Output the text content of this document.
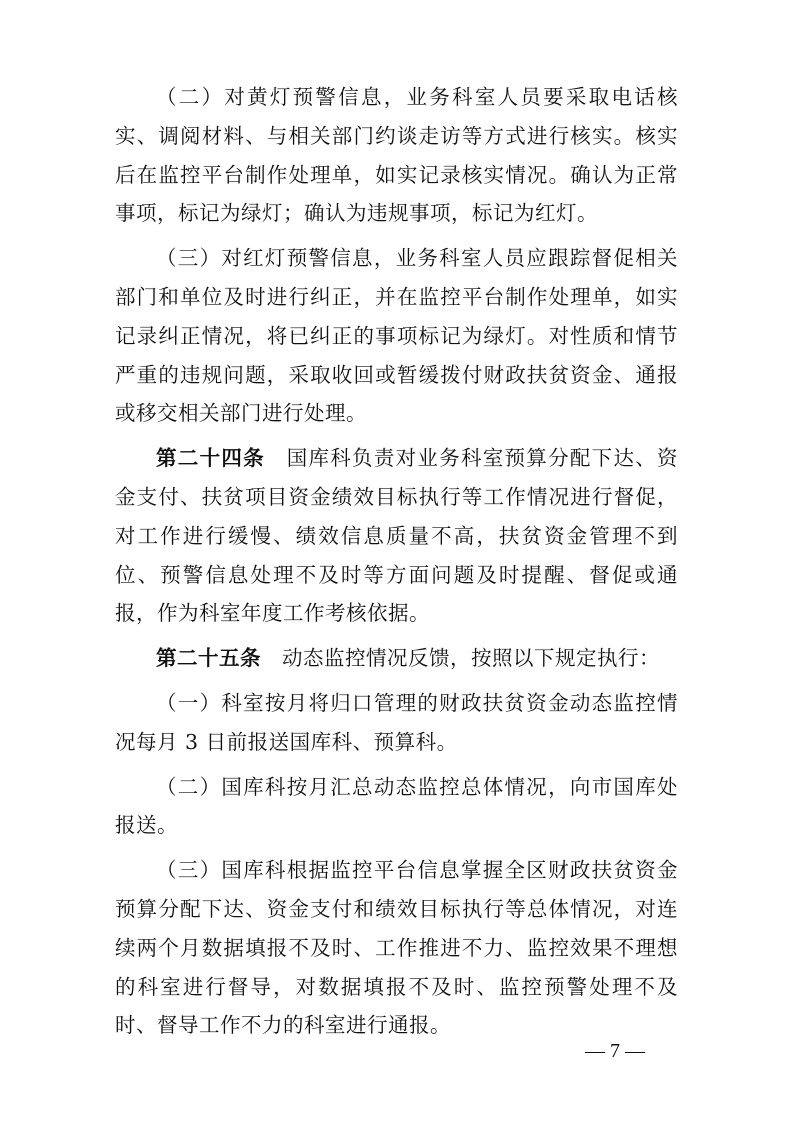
（二）对黄灯预警信息，业务科室人员要采取电话核实、调阅材料、与相关部门约谈走访等方式进行核实。核实后在监控平台制作处理单，如实记录核实情况。确认为正常事项，标记为绿灯；确认为违规事项，标记为红灯。

（三）对红灯预警信息，业务科室人员应跟踪督促相关部门和单位及时进行纠正，并在监控平台制作处理单，如实记录纠正情况，将已纠正的事项标记为绿灯。对性质和情节严重的违规问题，采取收回或暂缓拨付财政扶贫资金、通报或移交相关部门进行处理。

第二十四条　国库科负责对业务科室预算分配下达、资金支付、扶贫项目资金绩效目标执行等工作情况进行督促，对工作进行缓慢、绩效信息质量不高，扶贫资金管理不到位、预警信息处理不及时等方面问题及时提醒、督促或通报，作为科室年度工作考核依据。

第二十五条　动态监控情况反馈，按照以下规定执行：

（一）科室按月将归口管理的财政扶贫资金动态监控情况每月 3 日前报送国库科、预算科。

（二）国库科按月汇总动态监控总体情况，向市国库处报送。

（三）国库科根据监控平台信息掌握全区财政扶贫资金预算分配下达、资金支付和绩效目标执行等总体情况，对连续两个月数据填报不及时、工作推进不力、监控效果不理想的科室进行督导，对数据填报不及时、监控预警处理不及时、督导工作不力的科室进行通报。

— 7 —
